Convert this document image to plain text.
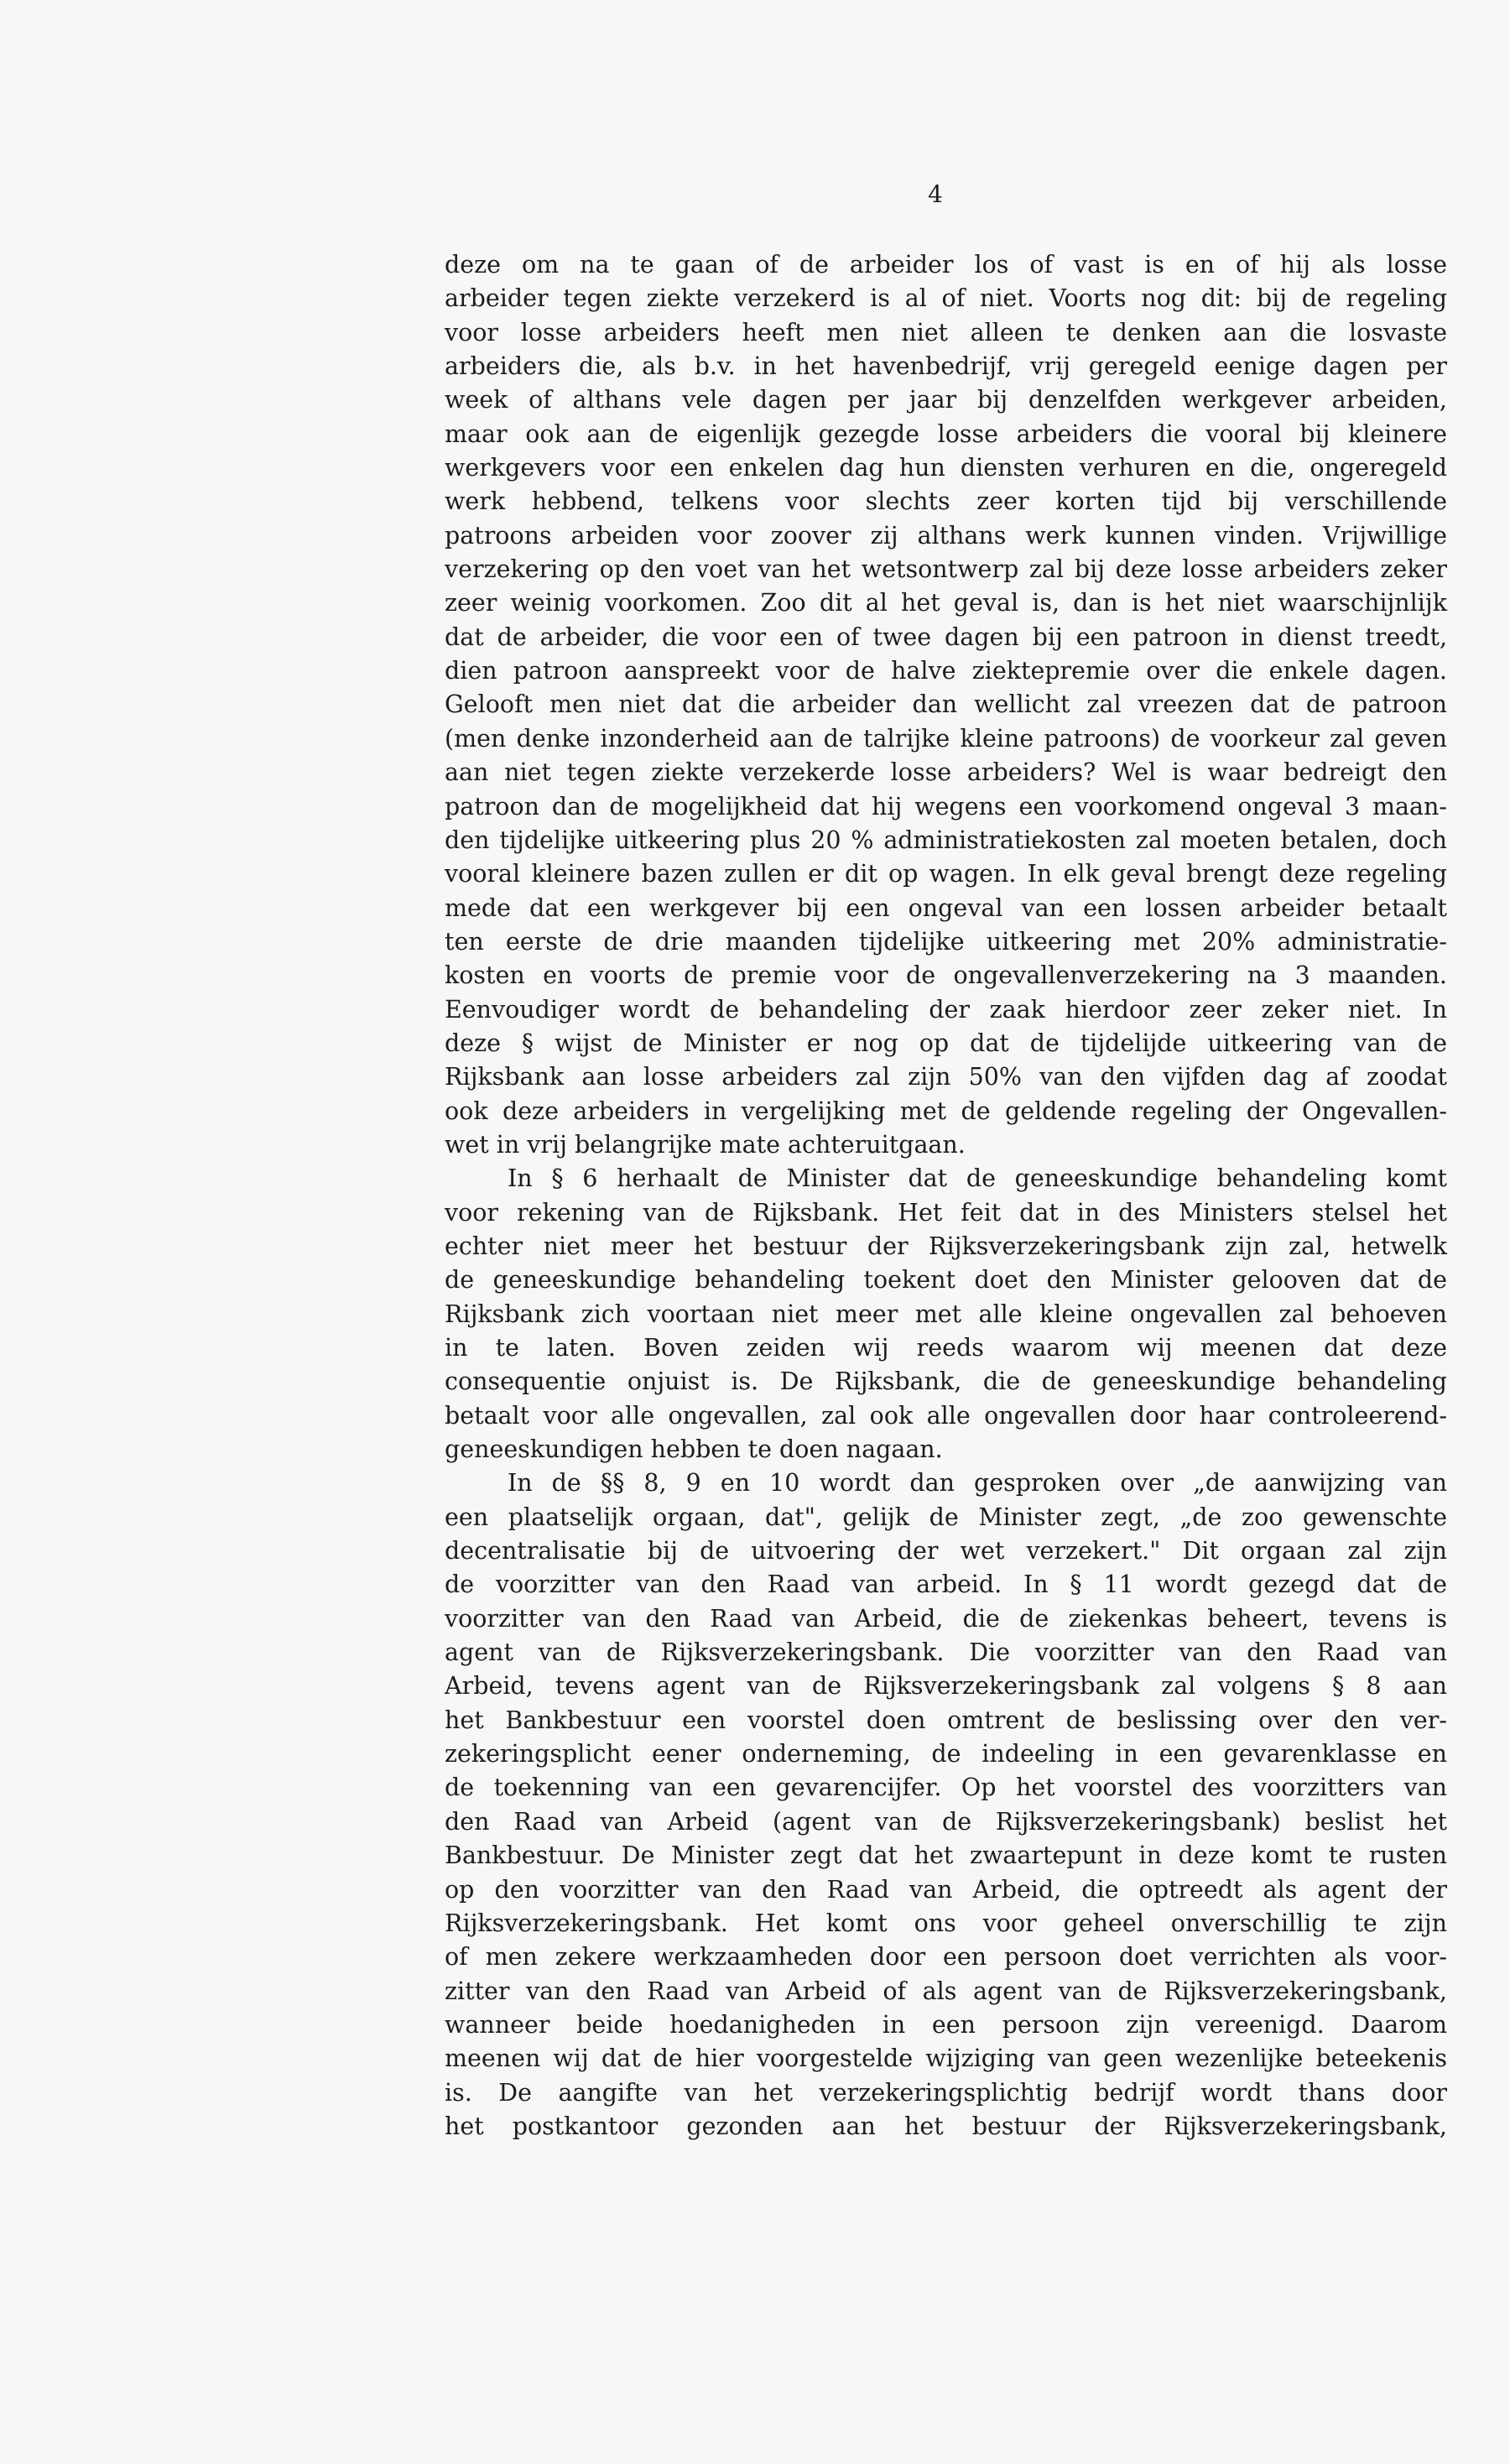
4
deze om na te gaan of de arbeider los of vast is en of hij als losse
arbeider tegen ziekte verzekerd is al of niet. Voorts nog dit: bij de regeling
voor losse arbeiders heeft men niet alleen te denken aan die losvaste
arbeiders die, als b.v. in het havenbedrijf, vrij geregeld eenige dagen per
week of althans vele dagen per jaar bij denzelfden werkgever arbeiden,
maar ook aan de eigenlijk gezegde losse arbeiders die vooral bij kleinere
werkgevers voor een enkelen dag hun diensten verhuren en die, ongeregeld
werk hebbend, telkens voor slechts zeer korten tijd bij verschillende
patroons arbeiden voor zoover zij althans werk kunnen vinden. Vrijwillige
verzekering op den voet van het wetsontwerp zal bij deze losse arbeiders zeker
zeer weinig voorkomen. Zoo dit al het geval is, dan is het niet waarschijnlijk
dat de arbeider, die voor een of twee dagen bij een patroon in dienst treedt,
dien patroon aanspreekt voor de halve ziektepremie over die enkele dagen.
Gelooft men niet dat die arbeider dan wellicht zal vreezen dat de patroon
(men denke inzonderheid aan de talrijke kleine patroons) de voorkeur zal geven
aan niet tegen ziekte verzekerde losse arbeiders? Wel is waar bedreigt den
patroon dan de mogelijkheid dat hij wegens een voorkomend ongeval 3 maan-
den tijdelijke uitkeering plus 20 % administratiekosten zal moeten betalen, doch
vooral kleinere bazen zullen er dit op wagen. In elk geval brengt deze regeling
mede dat een werkgever bij een ongeval van een lossen arbeider betaalt
ten eerste de drie maanden tijdelijke uitkeering met 20% administratie-
kosten en voorts de premie voor de ongevallenverzekering na 3 maanden.
Eenvoudiger wordt de behandeling der zaak hierdoor zeer zeker niet. In
deze § wijst de Minister er nog op dat de tijdelijde uitkeering van de
Rijksbank aan losse arbeiders zal zijn 50% van den vijfden dag af zoodat
ook deze arbeiders in vergelijking met de geldende regeling der Ongevallen-
wet in vrij belangrijke mate achteruitgaan.
In § 6 herhaalt de Minister dat de geneeskundige behandeling komt
voor rekening van de Rijksbank. Het feit dat in des Ministers stelsel het
echter niet meer het bestuur der Rijksverzekeringsbank zijn zal, hetwelk
de geneeskundige behandeling toekent doet den Minister gelooven dat de
Rijksbank zich voortaan niet meer met alle kleine ongevallen zal behoeven
in te laten. Boven zeiden wij reeds waarom wij meenen dat deze
consequentie onjuist is. De Rijksbank, die de geneeskundige behandeling
betaalt voor alle ongevallen, zal ook alle ongevallen door haar controleerend-
geneeskundigen hebben te doen nagaan.
In de §§ 8, 9 en 10 wordt dan gesproken over „de aanwijzing van
een plaatselijk orgaan, dat", gelijk de Minister zegt, „de zoo gewenschte
decentralisatie bij de uitvoering der wet verzekert." Dit orgaan zal zijn
de voorzitter van den Raad van arbeid. In § 11 wordt gezegd dat de
voorzitter van den Raad van Arbeid, die de ziekenkas beheert, tevens is
agent van de Rijksverzekeringsbank. Die voorzitter van den Raad van
Arbeid, tevens agent van de Rijksverzekeringsbank zal volgens § 8 aan
het Bankbestuur een voorstel doen omtrent de beslissing over den ver-
zekeringsplicht eener onderneming, de indeeling in een gevarenklasse en
de toekenning van een gevarencijfer. Op het voorstel des voorzitters van
den Raad van Arbeid (agent van de Rijksverzekeringsbank) beslist het
Bankbestuur. De Minister zegt dat het zwaartepunt in deze komt te rusten
op den voorzitter van den Raad van Arbeid, die optreedt als agent der
Rijksverzekeringsbank. Het komt ons voor geheel onverschillig te zijn
of men zekere werkzaamheden door een persoon doet verrichten als voor-
zitter van den Raad van Arbeid of als agent van de Rijksverzekeringsbank,
wanneer beide hoedanigheden in een persoon zijn vereenigd. Daarom
meenen wij dat de hier voorgestelde wijziging van geen wezenlijke beteekenis
is. De aangifte van het verzekeringsplichtig bedrijf wordt thans door
het postkantoor gezonden aan het bestuur der Rijksverzekeringsbank,
